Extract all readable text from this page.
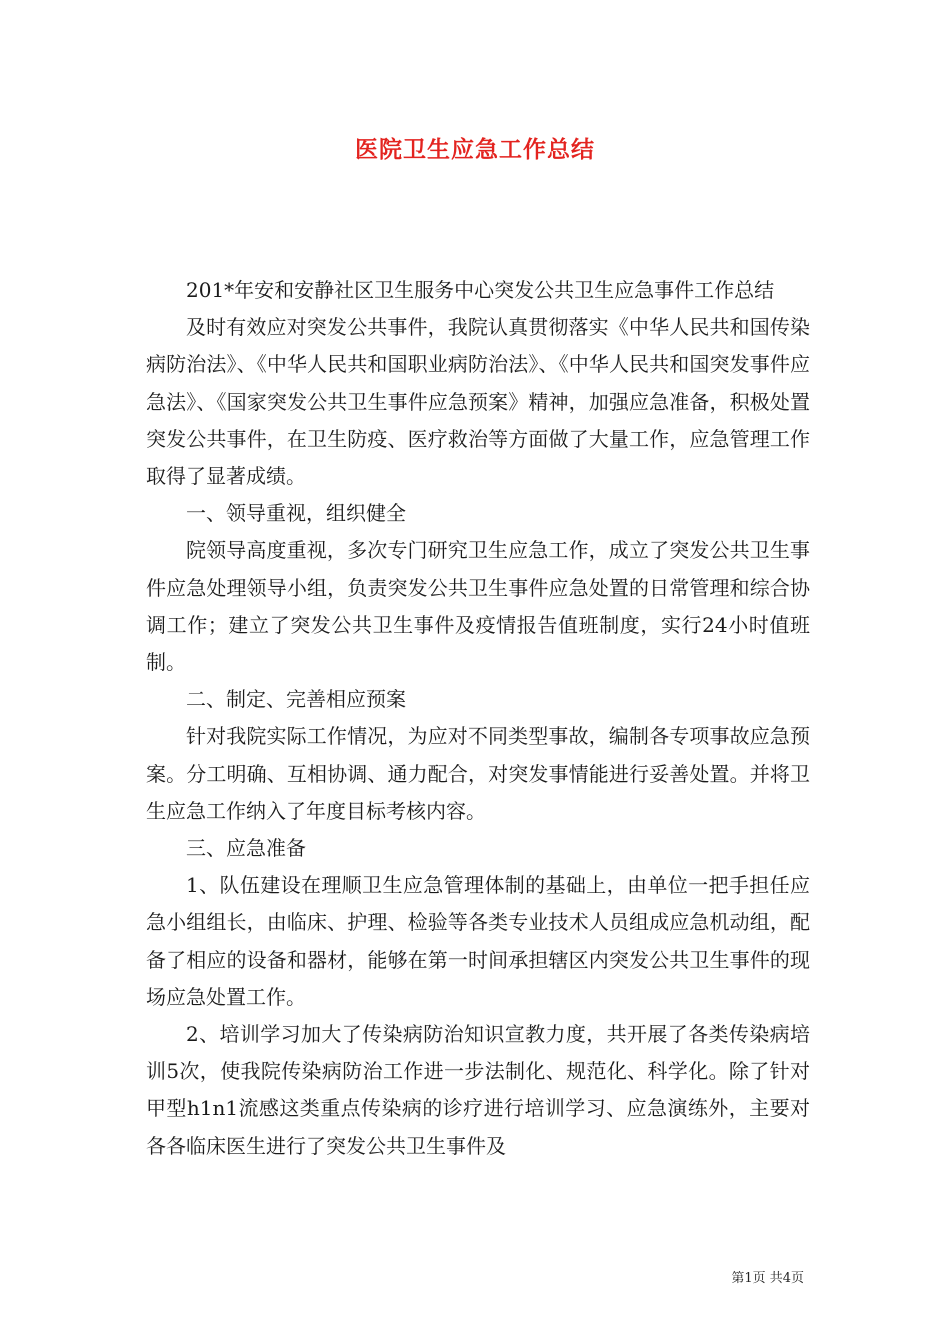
医院卫生应急工作总结

201*年安和安静社区卫生服务中心突发公共卫生应急事件工作总结

及时有效应对突发公共事件，我院认真贯彻落实《中华人民共和国传染病防治法》、《中华人民共和国职业病防治法》、《中华人民共和国突发事件应急法》、《国家突发公共卫生事件应急预案》精神，加强应急准备，积极处置突发公共事件，在卫生防疫、医疗救治等方面做了大量工作，应急管理工作取得了显著成绩。

一、领导重视，组织健全

院领导高度重视，多次专门研究卫生应急工作，成立了突发公共卫生事件应急处理领导小组，负责突发公共卫生事件应急处置的日常管理和综合协调工作；建立了突发公共卫生事件及疫情报告值班制度，实行24小时值班制。

二、制定、完善相应预案

针对我院实际工作情况，为应对不同类型事故，编制各专项事故应急预案。分工明确、互相协调、通力配合，对突发事情能进行妥善处置。并将卫生应急工作纳入了年度目标考核内容。

三、应急准备

1、队伍建设在理顺卫生应急管理体制的基础上，由单位一把手担任应急小组组长，由临床、护理、检验等各类专业技术人员组成应急机动组，配备了相应的设备和器材，能够在第一时间承担辖区内突发公共卫生事件的现场应急处置工作。

2、培训学习加大了传染病防治知识宣教力度，共开展了各类传染病培训5次，使我院传染病防治工作进一步法制化、规范化、科学化。除了针对甲型h1n1流感这类重点传染病的诊疗进行培训学习、应急演练外，主要对各各临床医生进行了突发公共卫生事件及

第1页 共4页
